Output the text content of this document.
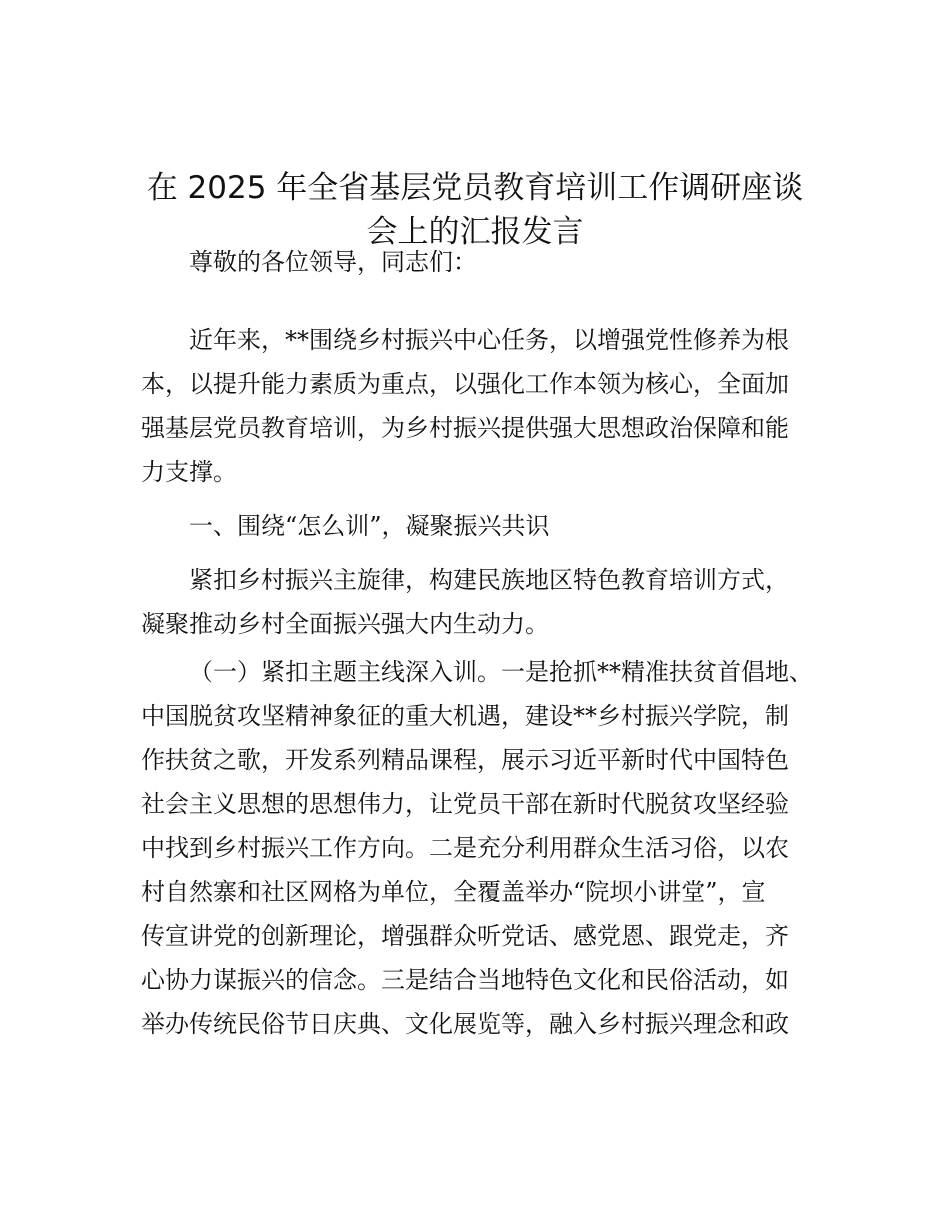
在 2025 年全省基层党员教育培训工作调研座谈
会上的汇报发言

尊敬的各位领导，同志们：

近年来，**围绕乡村振兴中心任务，以增强党性修养为根
本，以提升能力素质为重点，以强化工作本领为核心，全面加
强基层党员教育培训，为乡村振兴提供强大思想政治保障和能
力支撑。

一、围绕“怎么训”，凝聚振兴共识

紧扣乡村振兴主旋律，构建民族地区特色教育培训方式，
凝聚推动乡村全面振兴强大内生动力。

（一）紧扣主题主线深入训。一是抢抓**精准扶贫首倡地、
中国脱贫攻坚精神象征的重大机遇，建设**乡村振兴学院，制
作扶贫之歌，开发系列精品课程，展示习近平新时代中国特色
社会主义思想的思想伟力，让党员干部在新时代脱贫攻坚经验
中找到乡村振兴工作方向。二是充分利用群众生活习俗，以农
村自然寨和社区网格为单位，全覆盖举办“院坝小讲堂”，宣
传宣讲党的创新理论，增强群众听党话、感党恩、跟党走，齐
心协力谋振兴的信念。三是结合当地特色文化和民俗活动，如
举办传统民俗节日庆典、文化展览等，融入乡村振兴理念和政
